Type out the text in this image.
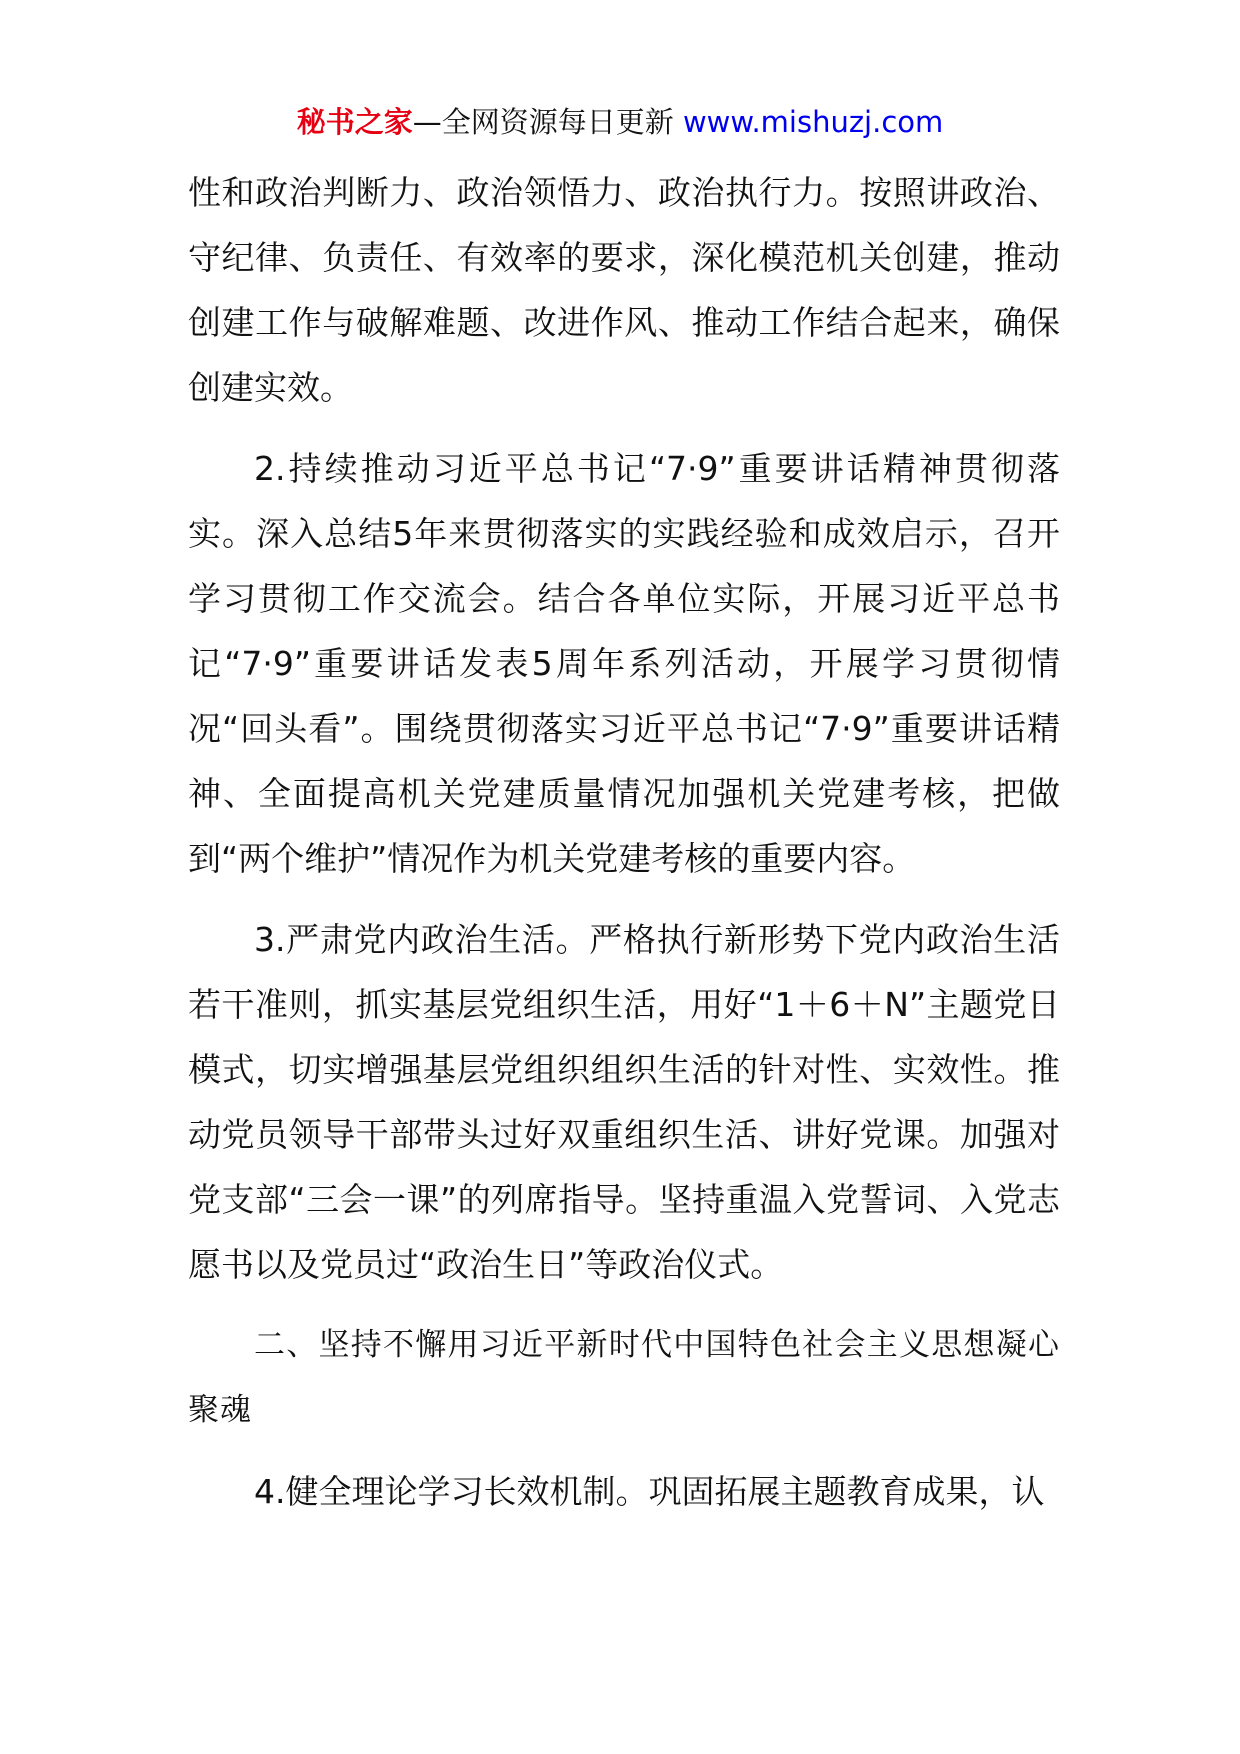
秘书之家—全网资源每日更新 www.mishuzj.com

性和政治判断力、政治领悟力、政治执行力。按照讲政治、守纪律、负责任、有效率的要求，深化模范机关创建，推动创建工作与破解难题、改进作风、推动工作结合起来，确保创建实效。

2.持续推动习近平总书记“7·9”重要讲话精神贯彻落实。深入总结5年来贯彻落实的实践经验和成效启示，召开学习贯彻工作交流会。结合各单位实际，开展习近平总书记“7·9”重要讲话发表5周年系列活动，开展学习贯彻情况“回头看”。围绕贯彻落实习近平总书记“7·9”重要讲话精神、全面提高机关党建质量情况加强机关党建考核，把做到“两个维护”情况作为机关党建考核的重要内容。

3.严肃党内政治生活。严格执行新形势下党内政治生活若干准则，抓实基层党组织生活，用好“1＋6＋N”主题党日模式，切实增强基层党组织组织生活的针对性、实效性。推动党员领导干部带头过好双重组织生活、讲好党课。加强对党支部“三会一课”的列席指导。坚持重温入党誓词、入党志愿书以及党员过“政治生日”等政治仪式。

二、坚持不懈用习近平新时代中国特色社会主义思想凝心聚魂

4.健全理论学习长效机制。巩固拓展主题教育成果，认
